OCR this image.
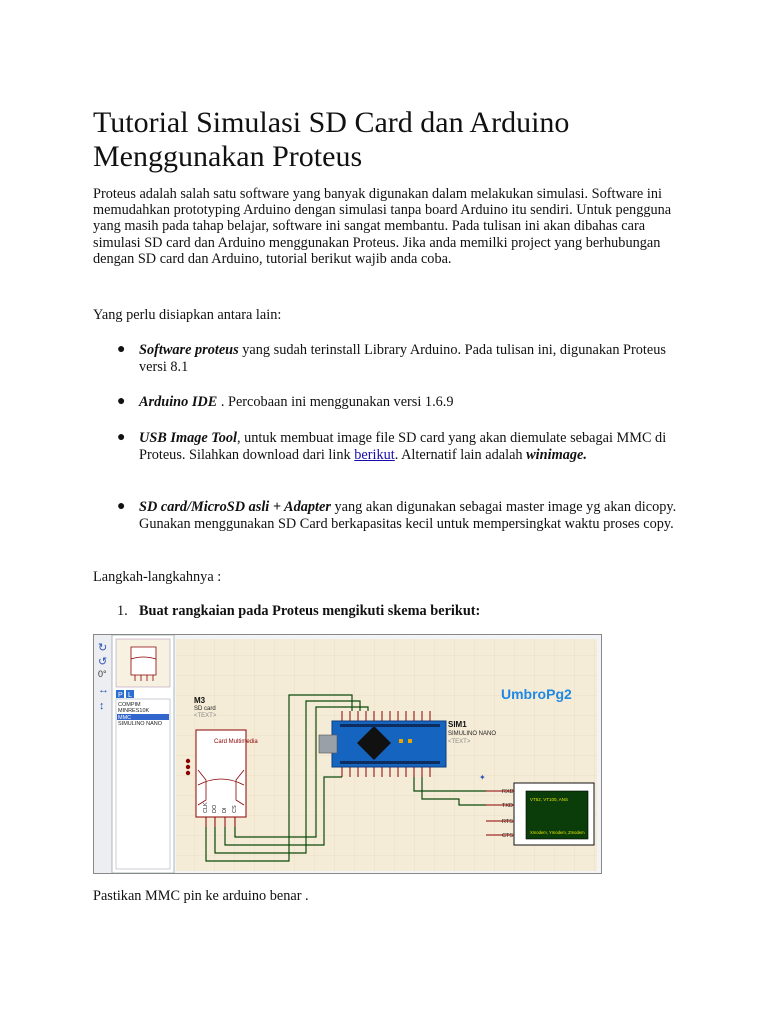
Tutorial Simulasi SD Card dan Arduino Menggunakan Proteus

Proteus adalah salah satu software yang banyak digunakan dalam melakukan simulasi. Software ini memudahkan prototyping Arduino dengan simulasi tanpa board Arduino itu sendiri. Untuk pengguna yang masih pada tahap belajar, software ini sangat membantu. Pada tulisan ini akan dibahas cara simulasi SD card dan Arduino menggunakan Proteus. Jika anda memilki project yang berhubungan dengan SD card dan Arduino, tutorial berikut wajib anda coba.

Yang perlu disiapkan antara lain:

● Software proteus yang sudah terinstall Library Arduino. Pada tulisan ini, digunakan Proteus versi 8.1
● Arduino IDE . Percobaan ini menggunakan versi 1.6.9
● USB Image Tool, untuk membuat image file SD card yang akan diemulate sebagai MMC di Proteus. Silahkan download dari link berikut. Alternatif lain adalah winimage.
● SD card/MicroSD asli + Adapter yang akan digunakan sebagai master image yg akan dicopy. Gunakan menggunakan SD Card berkapasitas kecil untuk mempersingkat waktu proses copy.

Langkah-langkahnya :

1. Buat rangkaian pada Proteus mengikuti skema berikut:
↻
↺
0°
↔
↕
P L
COMPIM
MINRES10K
MMC
SIMULINO NANO
UmbroPg2
M3
SD card
<TEXT>
Card Multimedia
CLK DO DI CS
SIM1
SIMULINO NANO
<TEXT>
VT52, VT100, ANS
Xmodem, Ymodem, Zmodem
RXD
TXD
RTS
CTS
✦

Pastikan MMC pin ke arduino benar .
